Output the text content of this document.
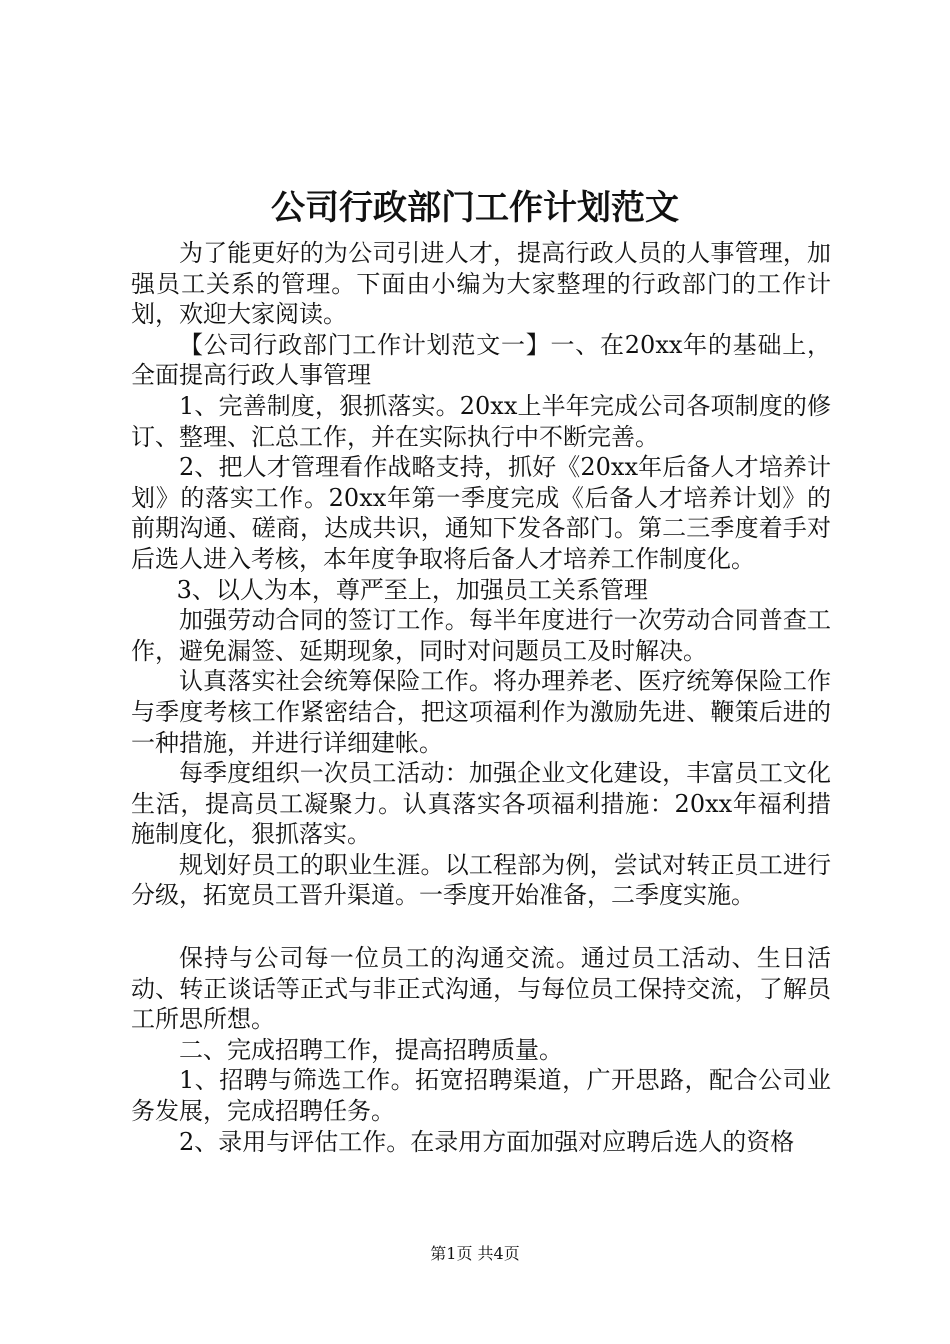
公司行政部门工作计划范文

为了能更好的为公司引进人才，提高行政人员的人事管理，加强员工关系的管理。下面由小编为大家整理的行政部门的工作计划，欢迎大家阅读。

【公司行政部门工作计划范文一】一、在20xx年的基础上，全面提高行政人事管理

1、完善制度，狠抓落实。20xx上半年完成公司各项制度的修订、整理、汇总工作，并在实际执行中不断完善。

2、把人才管理看作战略支持，抓好《20xx年后备人才培养计划》的落实工作。20xx年第一季度完成《后备人才培养计划》的前期沟通、磋商，达成共识，通知下发各部门。第二三季度着手对后选人进入考核，本年度争取将后备人才培养工作制度化。

3、以人为本，尊严至上，加强员工关系管理

加强劳动合同的签订工作。每半年度进行一次劳动合同普查工作，避免漏签、延期现象，同时对问题员工及时解决。

认真落实社会统筹保险工作。将办理养老、医疗统筹保险工作与季度考核工作紧密结合，把这项福利作为激励先进、鞭策后进的一种措施，并进行详细建帐。

每季度组织一次员工活动：加强企业文化建设，丰富员工文化生活，提高员工凝聚力。认真落实各项福利措施：20xx年福利措施制度化，狠抓落实。

规划好员工的职业生涯。以工程部为例，尝试对转正员工进行分级，拓宽员工晋升渠道。一季度开始准备，二季度实施。

保持与公司每一位员工的沟通交流。通过员工活动、生日活动、转正谈话等正式与非正式沟通，与每位员工保持交流，了解员工所思所想。

二、完成招聘工作，提高招聘质量。

1、招聘与筛选工作。拓宽招聘渠道，广开思路，配合公司业务发展，完成招聘任务。

2、录用与评估工作。在录用方面加强对应聘后选人的资格

第1页 共4页
